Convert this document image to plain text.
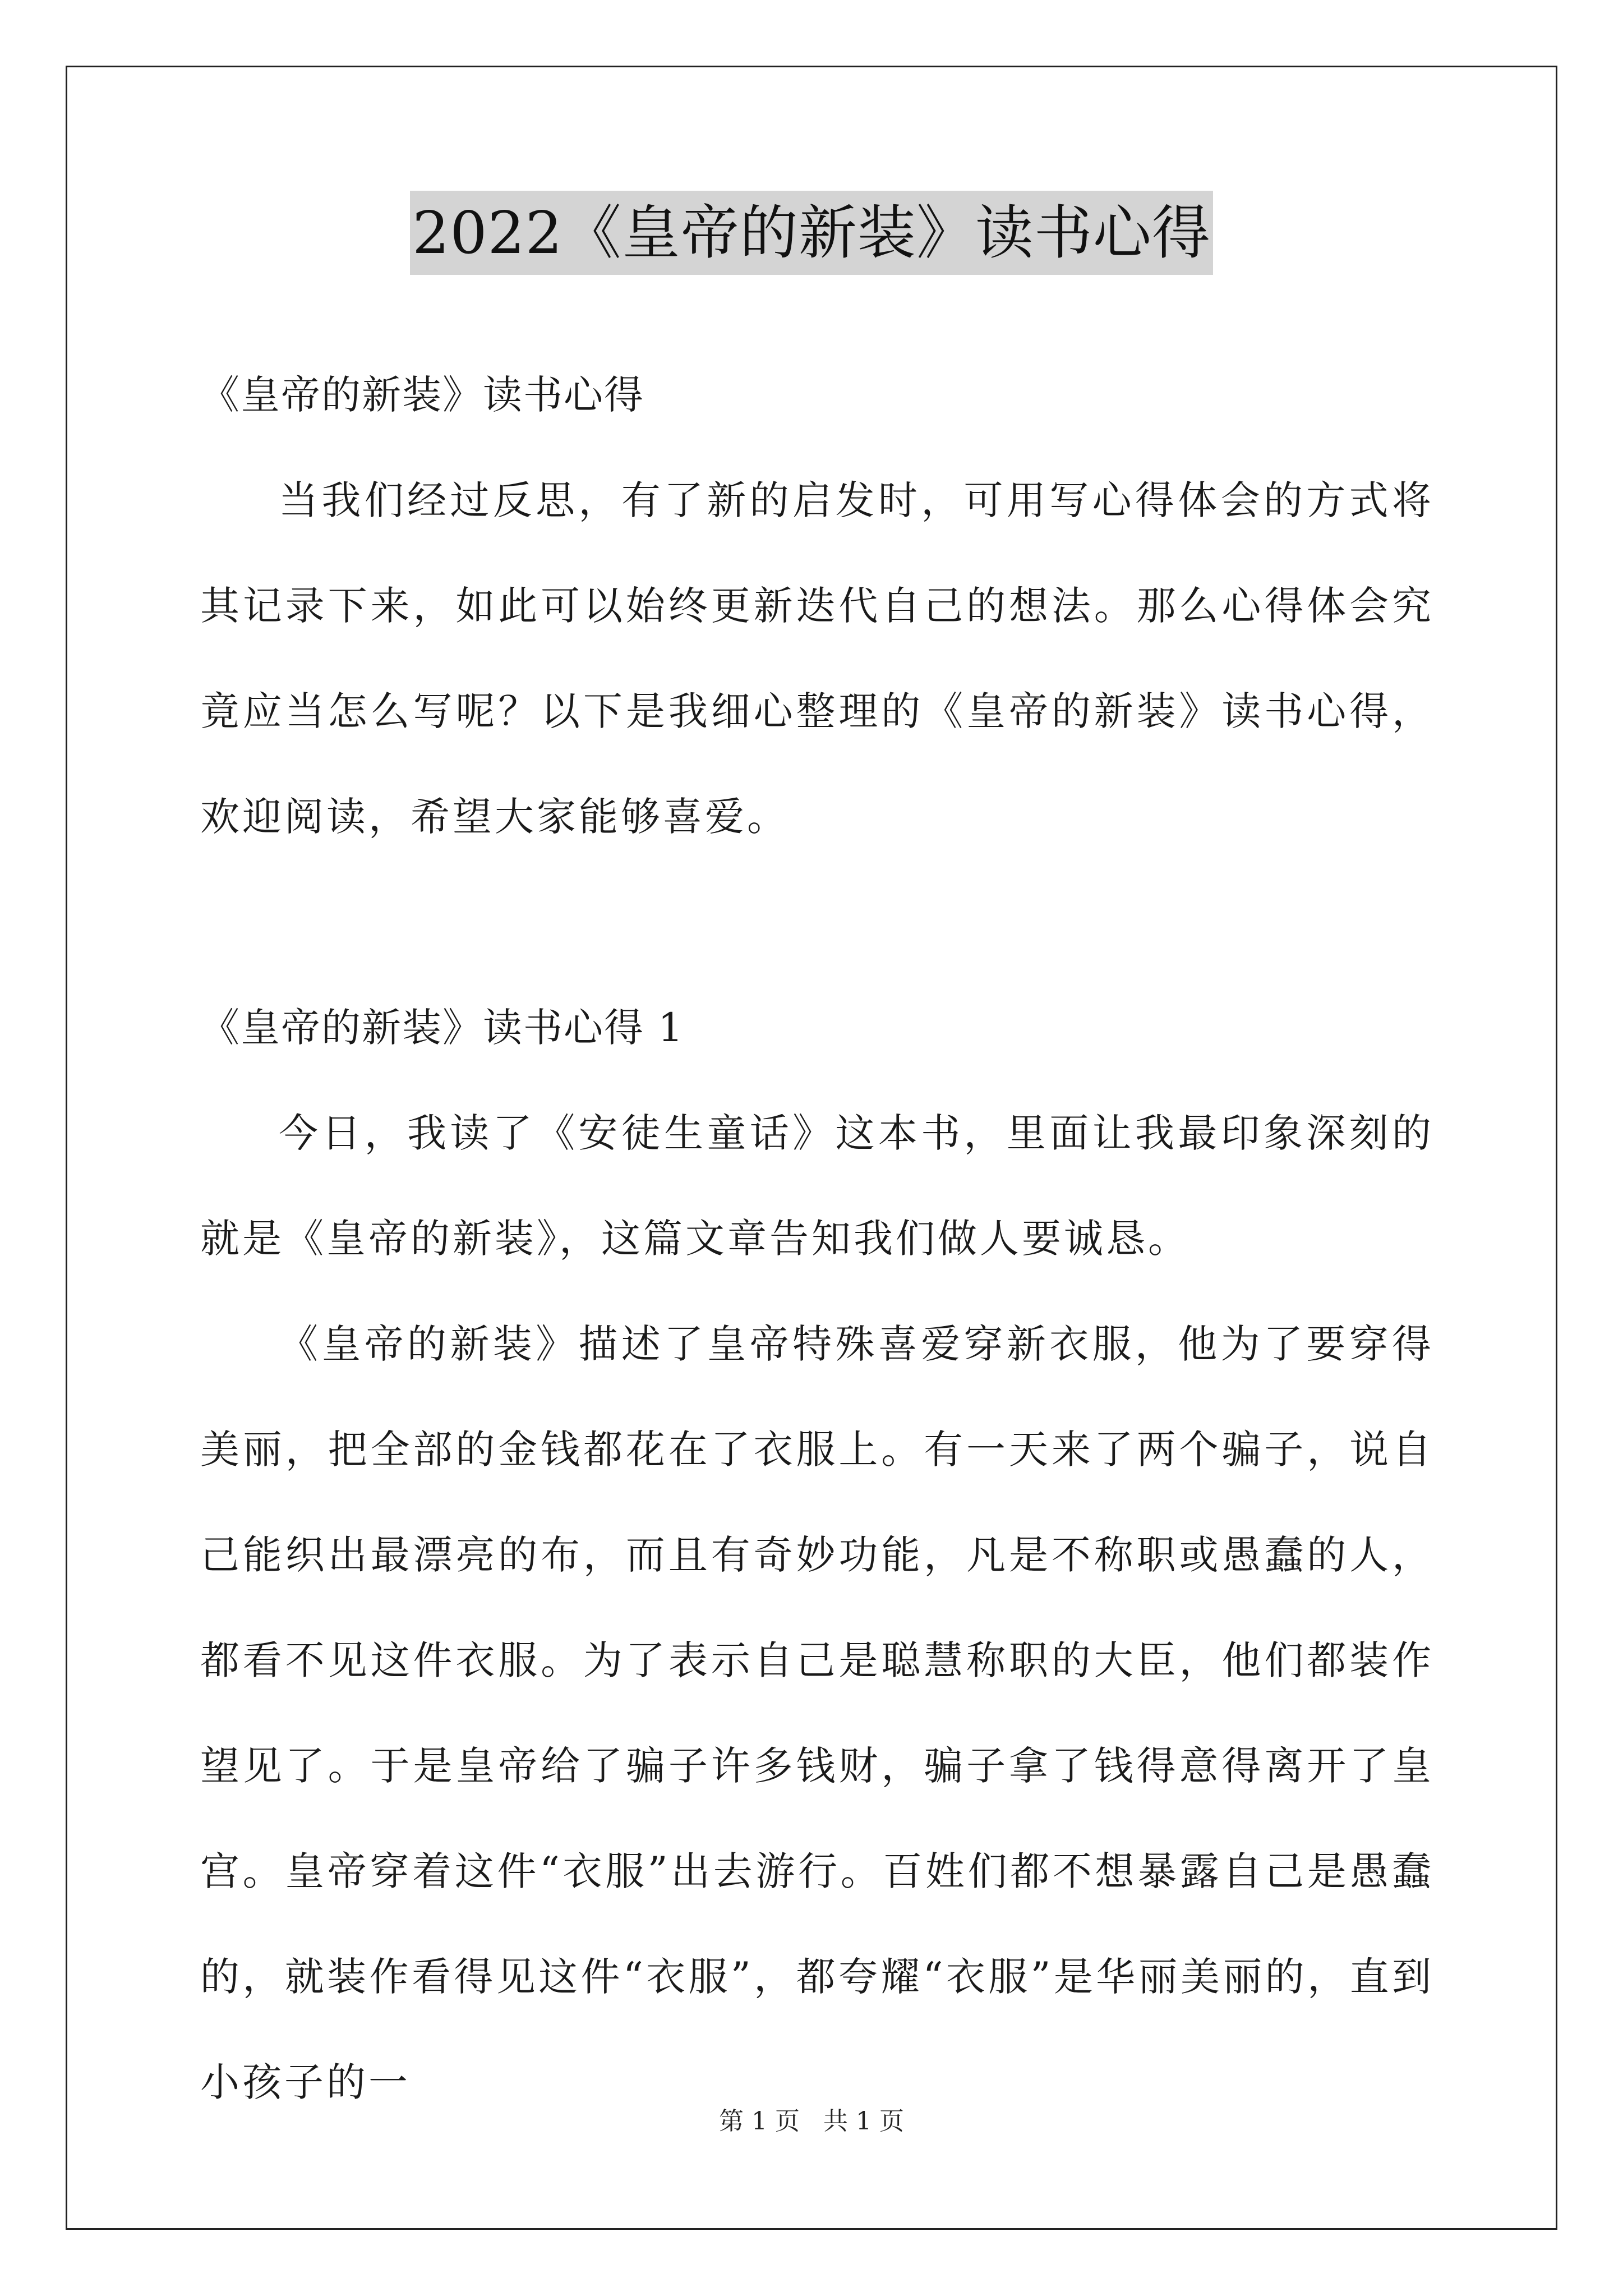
2022《皇帝的新装》读书心得

《皇帝的新装》读书心得

当我们经过反思，有了新的启发时，可用写心得体会的方式将其记录下来，如此可以始终更新迭代自己的想法。那么心得体会究竟应当怎么写呢？以下是我细心整理的《皇帝的新装》读书心得，欢迎阅读，希望大家能够喜爱。

《皇帝的新装》读书心得 1

今日，我读了《安徒生童话》这本书，里面让我最印象深刻的就是《皇帝的新装》，这篇文章告知我们做人要诚恳。

《皇帝的新装》描述了皇帝特殊喜爱穿新衣服，他为了要穿得美丽，把全部的金钱都花在了衣服上。有一天来了两个骗子，说自己能织出最漂亮的布，而且有奇妙功能，凡是不称职或愚蠢的人，都看不见这件衣服。为了表示自己是聪慧称职的大臣，他们都装作望见了。于是皇帝给了骗子许多钱财，骗子拿了钱得意得离开了皇宫。皇帝穿着这件“衣服”出去游行。百姓们都不想暴露自己是愚蠢的，就装作看得见这件“衣服”，都夸耀“衣服”是华丽美丽的，直到小孩子的一

第 1 页 共 1 页
